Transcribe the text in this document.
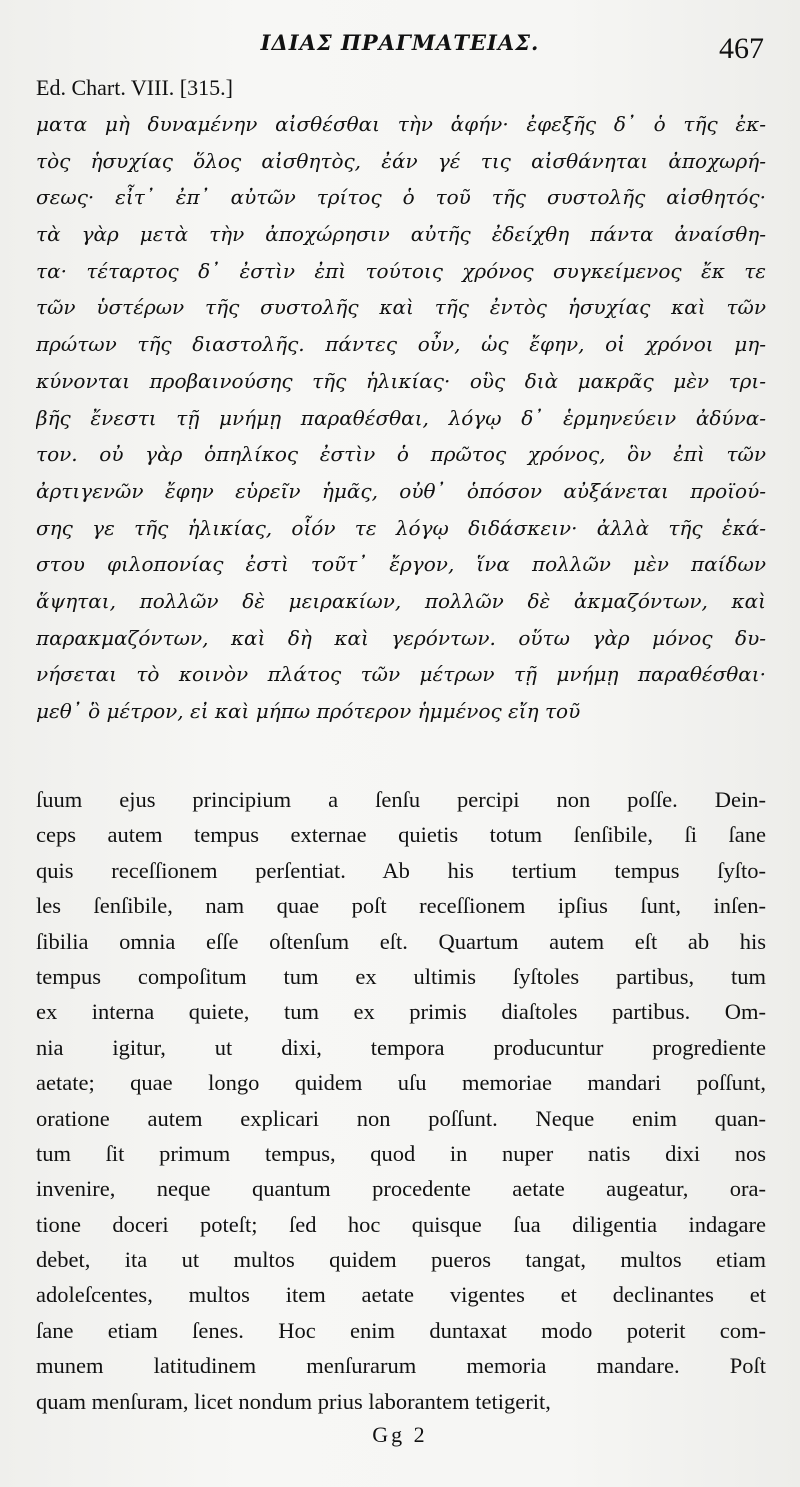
ΙΔΙΑΣ ΠΡΑΓΜΑΤΕΙΑΣ.	467
Ed. Chart. VIII. [315.]
ματα μὴ δυναμένην αἰσθέσθαι τὴν ἁφήν· ἐφεξῆς δ᾿ ὁ τῆς ἐκ-
τὸς ἡσυχίας ὅλος αἰσθητὸς, ἐάν γέ τις αἰσθάνηται ἀποχωρή-
σεως· εἶτ᾿ ἐπ᾿ αὐτῶν τρίτος ὁ τοῦ τῆς συστολῆς αἰσθητός·
τὰ γὰρ μετὰ τὴν ἀποχώρησιν αὐτῆς ἐδείχθη πάντα ἀναίσθη-
τα· τέταρτος δ᾿ ἐστὶν ἐπὶ τούτοις χρόνος συγκείμενος ἔκ τε
τῶν ὑστέρων τῆς συστολῆς καὶ τῆς ἐντὸς ἡσυχίας καὶ τῶν
πρώτων τῆς διαστολῆς. πάντες οὖν, ὡς ἔφην, οἱ χρόνοι μη-
κύνονται προβαινούσης τῆς ἡλικίας· οὓς διὰ μακρᾶς μὲν τρι-
βῆς ἔνεστι τῇ μνήμῃ παραθέσθαι, λόγῳ δ᾿ ἑρμηνεύειν ἀδύνα-
τον. οὐ γὰρ ὁπηλίκος ἐστὶν ὁ πρῶτος χρόνος, ὃν ἐπὶ τῶν
ἀρτιγενῶν ἔφην εὑρεῖν ἡμᾶς, οὐθ᾿ ὁπόσον αὐξάνεται προϊού-
σης γε τῆς ἡλικίας, οἷόν τε λόγῳ διδάσκειν· ἀλλὰ τῆς ἑκά-
στου φιλοπονίας ἐστὶ τοῦτ᾿ ἔργον, ἵνα πολλῶν μὲν παίδων
ἅψηται, πολλῶν δὲ μειρακίων, πολλῶν δὲ ἀκμαζόντων, καὶ
παρακμαζόντων, καὶ δὴ καὶ γερόντων. οὕτω γὰρ μόνος δυ-
νήσεται τὸ κοινὸν πλάτος τῶν μέτρων τῇ μνήμῃ παραθέσθαι·
μεθ᾿ ὃ μέτρον, εἰ καὶ μήπω πρότερον ἡμμένος εἴη τοῦ
ſuum ejus principium a ſenſu percipi non poſſe. Dein-
ceps autem tempus externae quietis totum ſenſibile, ſi ſane
quis receſſionem perſentiat. Ab his tertium tempus ſyſto-
les ſenſibile, nam quae poſt receſſionem ipſius ſunt, inſen-
ſibilia omnia eſſe oſtenſum eſt. Quartum autem eſt ab his
tempus compoſitum tum ex ultimis ſyſtoles partibus, tum
ex interna quiete, tum ex primis diaſtoles partibus. Om-
nia igitur, ut dixi, tempora producuntur progrediente
aetate; quae longo quidem uſu memoriae mandari poſſunt,
oratione autem explicari non poſſunt. Neque enim quan-
tum ſit primum tempus, quod in nuper natis dixi nos
invenire, neque quantum procedente aetate augeatur, ora-
tione doceri poteſt; ſed hoc quisque ſua diligentia indagare
debet, ita ut multos quidem pueros tangat, multos etiam
adoleſcentes, multos item aetate vigentes et declinantes et
ſane etiam ſenes. Hoc enim duntaxat modo poterit com-
munem latitudinem menſurarum memoria mandare. Poſt
quam menſuram, licet nondum prius laborantem tetigerit,
Gg 2
